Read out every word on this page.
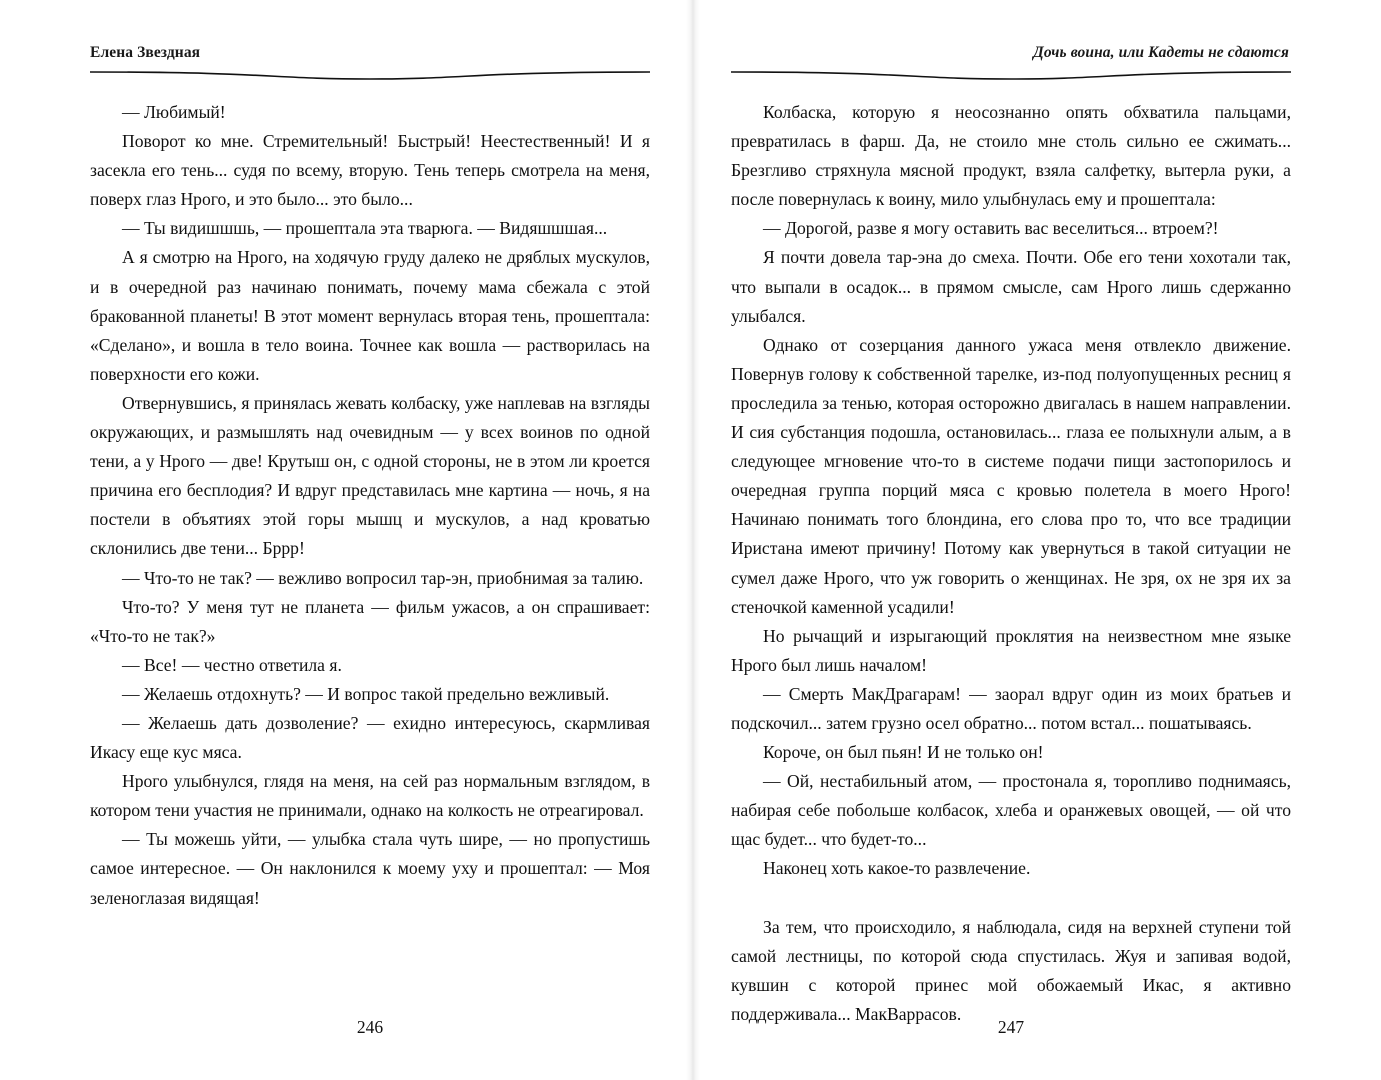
Елена Звездная

— Любимый!

Поворот ко мне. Стремительный! Быстрый! Неестественный! И я засекла его тень... судя по всему, вторую. Тень теперь смотрела на меня, поверх глаз Нрого, и это было... это было...

— Ты видишшшь, — прошептала эта тварюга. — Видяшшшая...

А я смотрю на Нрого, на ходячую груду далеко не дряблых мускулов, и в очередной раз начинаю понимать, почему мама сбежала с этой бракованной планеты! В этот момент вернулась вторая тень, прошептала: «Сделано», и вошла в тело воина. Точнее как вошла — растворилась на поверхности его кожи.

Отвернувшись, я принялась жевать колбаску, уже наплевав на взгляды окружающих, и размышлять над очевидным — у всех воинов по одной тени, а у Нрого — две! Крутыш он, с одной стороны, не в этом ли кроется причина его бесплодия? И вдруг представилась мне картина — ночь, я на постели в объятиях этой горы мышц и мускулов, а над кроватью склонились две тени... Бррр!

— Что-то не так? — вежливо вопросил тар-эн, приобнимая за талию.

Что-то? У меня тут не планета — фильм ужасов, а он спрашивает: «Что-то не так?»

— Все! — честно ответила я.

— Желаешь отдохнуть? — И вопрос такой предельно вежливый.

— Желаешь дать дозволение? — ехидно интересуюсь, скармливая Икасу еще кус мяса.

Нрого улыбнулся, глядя на меня, на сей раз нормальным взглядом, в котором тени участия не принимали, однако на колкость не отреагировал.

— Ты можешь уйти, — улыбка стала чуть шире, — но пропустишь самое интересное. — Он наклонился к моему уху и прошептал: — Моя зеленоглазая видящая!

246
Дочь воина, или Кадеты не сдаются

Колбаска, которую я неосознанно опять обхватила пальцами, превратилась в фарш. Да, не стоило мне столь сильно ее сжимать... Брезгливо стряхнула мясной продукт, взяла салфетку, вытерла руки, а после повернулась к воину, мило улыбнулась ему и прошептала:

— Дорогой, разве я могу оставить вас веселиться... втроем?!

Я почти довела тар-эна до смеха. Почти. Обе его тени хохотали так, что выпали в осадок... в прямом смысле, сам Нрого лишь сдержанно улыбался.

Однако от созерцания данного ужаса меня отвлекло движение. Повернув голову к собственной тарелке, из-под полуопущенных ресниц я проследила за тенью, которая осторожно двигалась в нашем направлении. И сия субстанция подошла, остановилась... глаза ее полыхнули алым, а в следующее мгновение что-то в системе подачи пищи застопорилось и очередная группа порций мяса с кровью полетела в моего Нрого! Начинаю понимать того блондина, его слова про то, что все традиции Иристана имеют причину! Потому как увернуться в такой ситуации не сумел даже Нрого, что уж говорить о женщинах. Не зря, ох не зря их за стеночкой каменной усадили!

Но рычащий и изрыгающий проклятия на неизвестном мне языке Нрого был лишь началом!

— Смерть МакДрагарам! — заорал вдруг один из моих братьев и подскочил... затем грузно осел обратно... потом встал... пошатываясь.

Короче, он был пьян! И не только он!

— Ой, нестабильный атом, — простонала я, торопливо поднимаясь, набирая себе побольше колбасок, хлеба и оранжевых овощей, — ой что щас будет... что будет-то...

Наконец хоть какое-то развлечение.

За тем, что происходило, я наблюдала, сидя на верхней ступени той самой лестницы, по которой сюда спустилась. Жуя и запивая водой, кувшин с которой принес мой обожаемый Икас, я активно поддерживала... МакВаррасов.

247
